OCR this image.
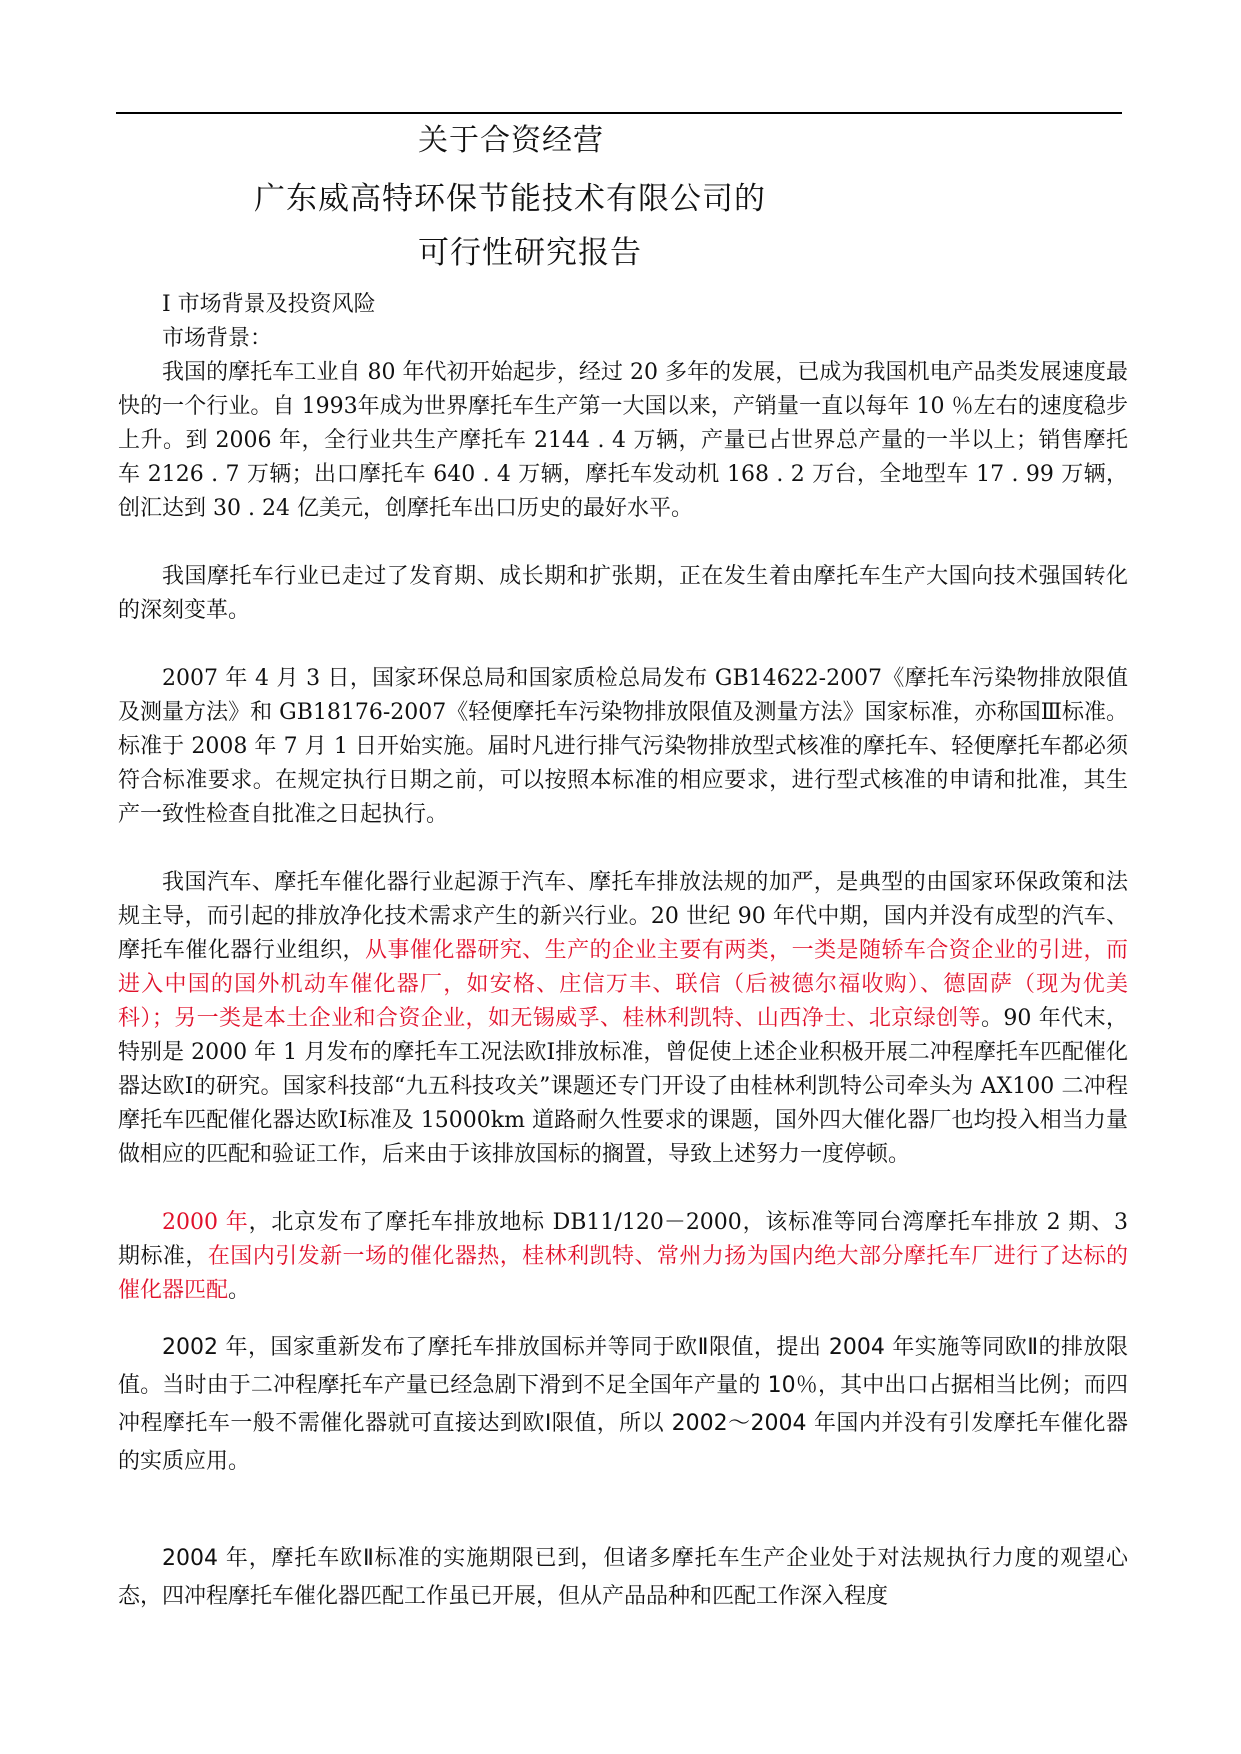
关于合资经营
广东威高特环保节能技术有限公司的
可行性研究报告
Ⅰ 市场背景及投资风险
市场背景：

我国的摩托车工业自 80 年代初开始起步，经过 20 多年的发展，已成为我国机电产品类发展速度最快的一个行业。自 1993年成为世界摩托车生产第一大国以来，产销量一直以每年 10 ％左右的速度稳步上升。到 2006 年，全行业共生产摩托车 2144 . 4 万辆，产量已占世界总产量的一半以上；销售摩托车 2126 . 7 万辆；出口摩托车 640 . 4 万辆，摩托车发动机 168 . 2 万台，全地型车 17 . 99 万辆，创汇达到 30 . 24 亿美元，创摩托车出口历史的最好水平。

我国摩托车行业已走过了发育期、成长期和扩张期，正在发生着由摩托车生产大国向技术强国转化的深刻变革。

2007 年 4 月 3 日，国家环保总局和国家质检总局发布 GB14622-2007《摩托车污染物排放限值及测量方法》和 GB18176-2007《轻便摩托车污染物排放限值及测量方法》国家标准，亦称国Ⅲ标准。标准于 2008 年 7 月 1 日开始实施。届时凡进行排气污染物排放型式核准的摩托车、轻便摩托车都必须符合标准要求。在规定执行日期之前，可以按照本标准的相应要求，进行型式核准的申请和批准，其生产一致性检查自批准之日起执行。

我国汽车、摩托车催化器行业起源于汽车、摩托车排放法规的加严，是典型的由国家环保政策和法规主导，而引起的排放净化技术需求产生的新兴行业。20 世纪 90 年代中期，国内并没有成型的汽车、摩托车催化器行业组织，从事催化器研究、生产的企业主要有两类，一类是随轿车合资企业的引进，而进入中国的国外机动车催化器厂，如安格、庄信万丰、联信（后被德尔福收购）、德固萨（现为优美科）；另一类是本土企业和合资企业，如无锡威孚、桂林利凯特、山西净士、北京绿创等。90 年代末，特别是 2000 年 1 月发布的摩托车工况法欧Ⅰ排放标准，曾促使上述企业积极开展二冲程摩托车匹配催化器达欧Ⅰ的研究。国家科技部“九五科技攻关”课题还专门开设了由桂林利凯特公司牵头为 AX100 二冲程摩托车匹配催化器达欧Ⅰ标准及 15000km 道路耐久性要求的课题，国外四大催化器厂也均投入相当力量做相应的匹配和验证工作，后来由于该排放国标的搁置，导致上述努力一度停顿。

2000 年，北京发布了摩托车排放地标 DB11/120－2000，该标准等同台湾摩托车排放 2 期、3 期标准，在国内引发新一场的催化器热，桂林利凯特、常州力扬为国内绝大部分摩托车厂进行了达标的催化器匹配。

2002 年，国家重新发布了摩托车排放国标并等同于欧Ⅱ限值，提出 2004 年实施等同欧Ⅱ的排放限值。当时由于二冲程摩托车产量已经急剧下滑到不足全国年产量的 10％，其中出口占据相当比例；而四冲程摩托车一般不需催化器就可直接达到欧Ⅰ限值，所以 2002～2004 年国内并没有引发摩托车催化器的实质应用。

2004 年，摩托车欧Ⅱ标准的实施期限已到，但诸多摩托车生产企业处于对法规执行力度的观望心态，四冲程摩托车催化器匹配工作虽已开展，但从产品品种和匹配工作深入程度
